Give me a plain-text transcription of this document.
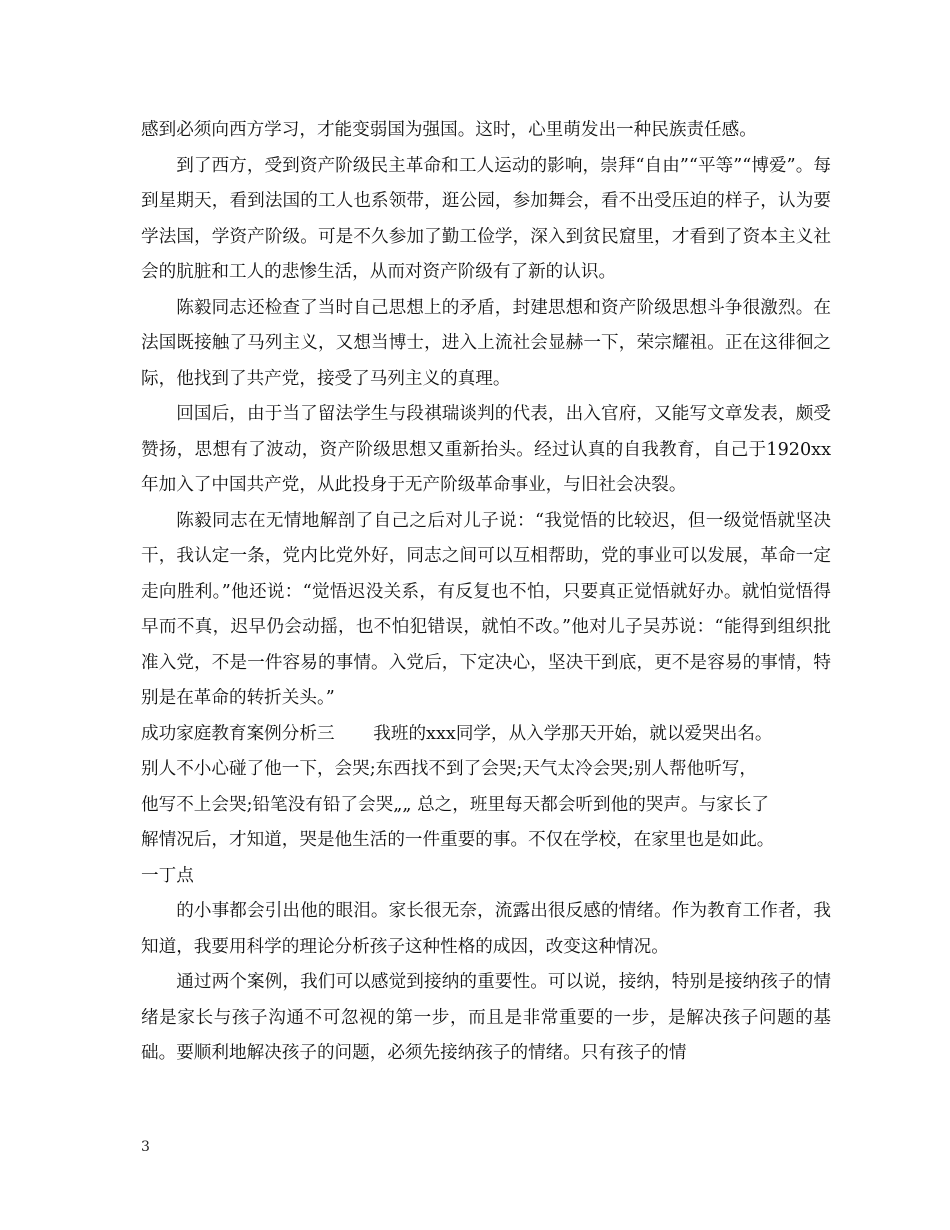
感到必须向西方学习，才能变弱国为强国。这时，心里萌发出一种民族责任感。

到了西方，受到资产阶级民主革命和工人运动的影响，崇拜“自由”“平等”“博爱”。每到星期天，看到法国的工人也系领带，逛公园，参加舞会，看不出受压迫的样子，认为要学法国，学资产阶级。可是不久参加了勤工俭学，深入到贫民窟里，才看到了资本主义社会的肮脏和工人的悲惨生活，从而对资产阶级有了新的认识。

陈毅同志还检查了当时自己思想上的矛盾，封建思想和资产阶级思想斗争很激烈。在法国既接触了马列主义，又想当博士，进入上流社会显赫一下，荣宗耀祖。正在这徘徊之际，他找到了共产党，接受了马列主义的真理。

回国后，由于当了留法学生与段祺瑞谈判的代表，出入官府，又能写文章发表，颇受赞扬，思想有了波动，资产阶级思想又重新抬头。经过认真的自我教育，自己于1920xx年加入了中国共产党，从此投身于无产阶级革命事业，与旧社会决裂。

陈毅同志在无情地解剖了自己之后对儿子说：“我觉悟的比较迟，但一级觉悟就坚决干，我认定一条，党内比党外好，同志之间可以互相帮助，党的事业可以发展，革命一定走向胜利。”他还说：“觉悟迟没关系，有反复也不怕，只要真正觉悟就好办。就怕觉悟得早而不真，迟早仍会动摇，也不怕犯错误，就怕不改。”他对儿子吴苏说：“能得到组织批准入党，不是一件容易的事情。入党后，下定决心，坚决干到底，更不是容易的事情，特别是在革命的转折关头。”

成功家庭教育案例分析三 我班的xxx同学，从入学那天开始，就以爱哭出名。

别人不小心碰了他一下，会哭;东西找不到了会哭;天气太冷会哭;别人帮他听写，

他写不上会哭;铅笔没有铅了会哭„„ 总之，班里每天都会听到他的哭声。与家长了

解情况后，才知道，哭是他生活的一件重要的事。不仅在学校，在家里也是如此。

一丁点

的小事都会引出他的眼泪。家长很无奈，流露出很反感的情绪。作为教育工作者，我知道，我要用科学的理论分析孩子这种性格的成因，改变这种情况。

通过两个案例，我们可以感觉到接纳的重要性。可以说，接纳，特别是接纳孩子的情绪是家长与孩子沟通不可忽视的第一步，而且是非常重要的一步，是解决孩子问题的基础。要顺利地解决孩子的问题，必须先接纳孩子的情绪。只有孩子的情

3
